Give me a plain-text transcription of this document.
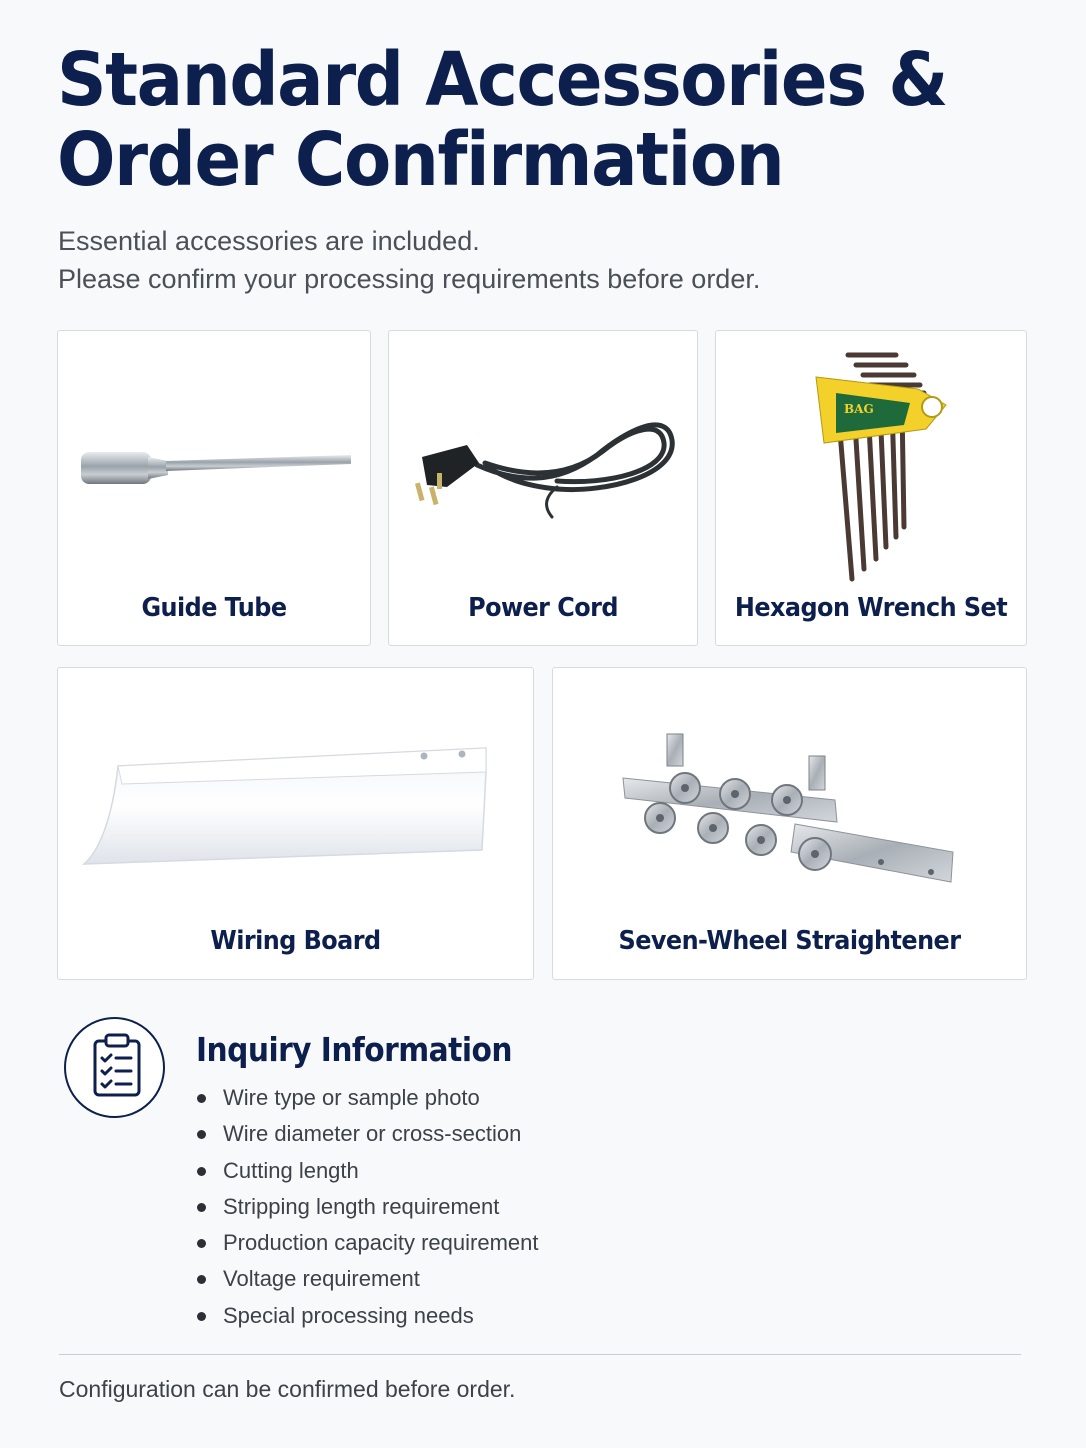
Standard Accessories &
Order Confirmation
Essential accessories are included.
Please confirm your processing requirements before order.
Guide Tube	Power Cord
BAG
Hexagon Wrench Set
Wiring Board	Seven-Wheel Straightener
Inquiry Information
Wire type or sample photo
Wire diameter or cross-section
Cutting length
Stripping length requirement
Production capacity requirement
Voltage requirement
Special processing needs
Configuration can be confirmed before order.
